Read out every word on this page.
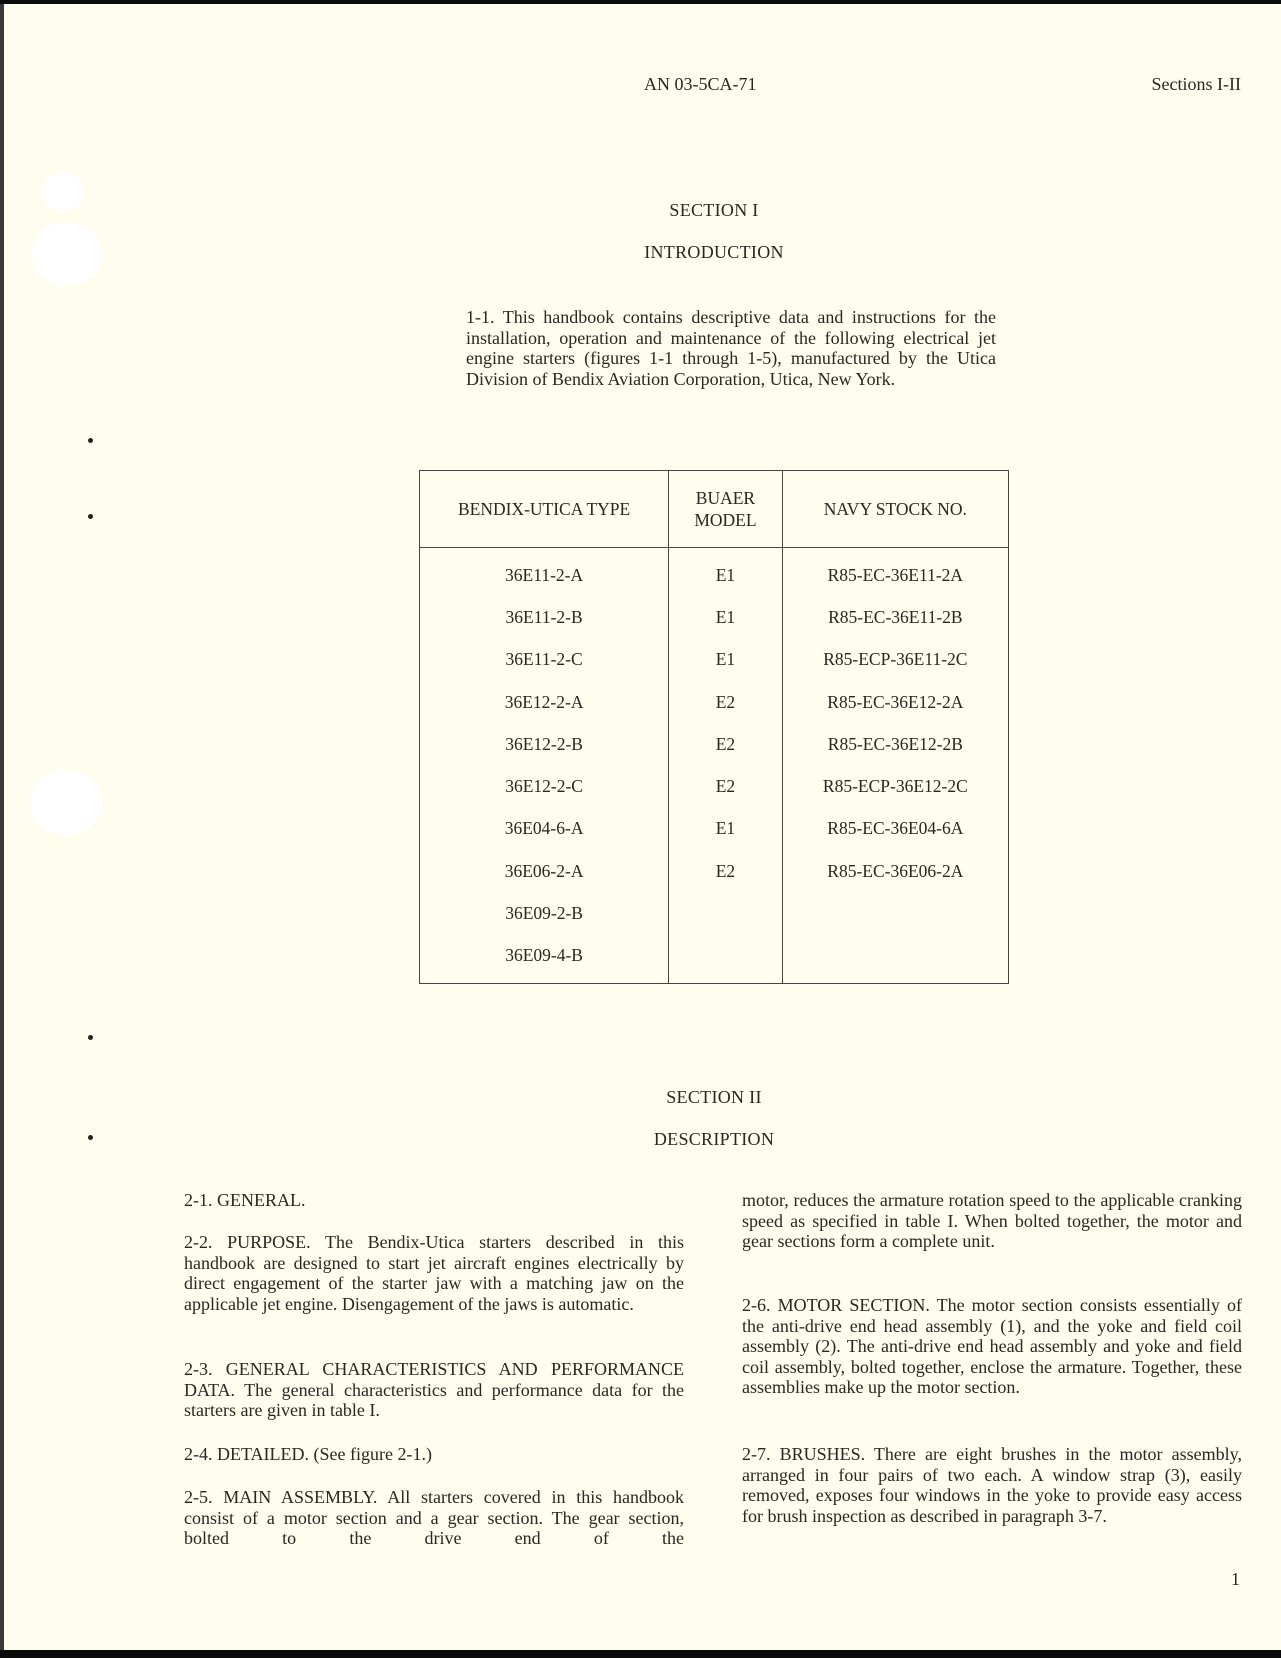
AN 03-5CA-71	Sections I-II
SECTION I
INTRODUCTION
1-1. This handbook contains descriptive data and instructions for the installation, operation and maintenance of the following electrical jet engine starters (figures 1-1 through 1-5), manufactured by the Utica Division of Bendix Aviation Corporation, Utica, New York.
BENDIX-UTICA TYPE	BUAER MODEL	NAVY STOCK NO.
36E11-2-A	E1	R85-EC-36E11-2A
36E11-2-B	E1	R85-EC-36E11-2B
36E11-2-C	E1	R85-ECP-36E11-2C
36E12-2-A	E2	R85-EC-36E12-2A
36E12-2-B	E2	R85-EC-36E12-2B
36E12-2-C	E2	R85-ECP-36E12-2C
36E04-6-A	E1	R85-EC-36E04-6A
36E06-2-A	E2	R85-EC-36E06-2A
36E09-2-B		
36E09-4-B		
SECTION II
DESCRIPTION
2-1. GENERAL.
2-2. PURPOSE. The Bendix-Utica starters described in this handbook are designed to start jet aircraft engines electrically by direct engagement of the starter jaw with a matching jaw on the applicable jet engine. Disengagement of the jaws is automatic.
2-3. GENERAL CHARACTERISTICS AND PERFORMANCE DATA. The general characteristics and performance data for the starters are given in table I.
2-4. DETAILED. (See figure 2-1.)
2-5. MAIN ASSEMBLY. All starters covered in this handbook consist of a motor section and a gear section. The gear section, bolted to the drive end of the
motor, reduces the armature rotation speed to the applicable cranking speed as specified in table I. When bolted together, the motor and gear sections form a complete unit.
2-6. MOTOR SECTION. The motor section consists essentially of the anti-drive end head assembly (1), and the yoke and field coil assembly (2). The anti-drive end head assembly and yoke and field coil assembly, bolted together, enclose the armature. Together, these assemblies make up the motor section.
2-7. BRUSHES. There are eight brushes in the motor assembly, arranged in four pairs of two each. A window strap (3), easily removed, exposes four windows in the yoke to provide easy access for brush inspection as described in paragraph 3-7.
1
